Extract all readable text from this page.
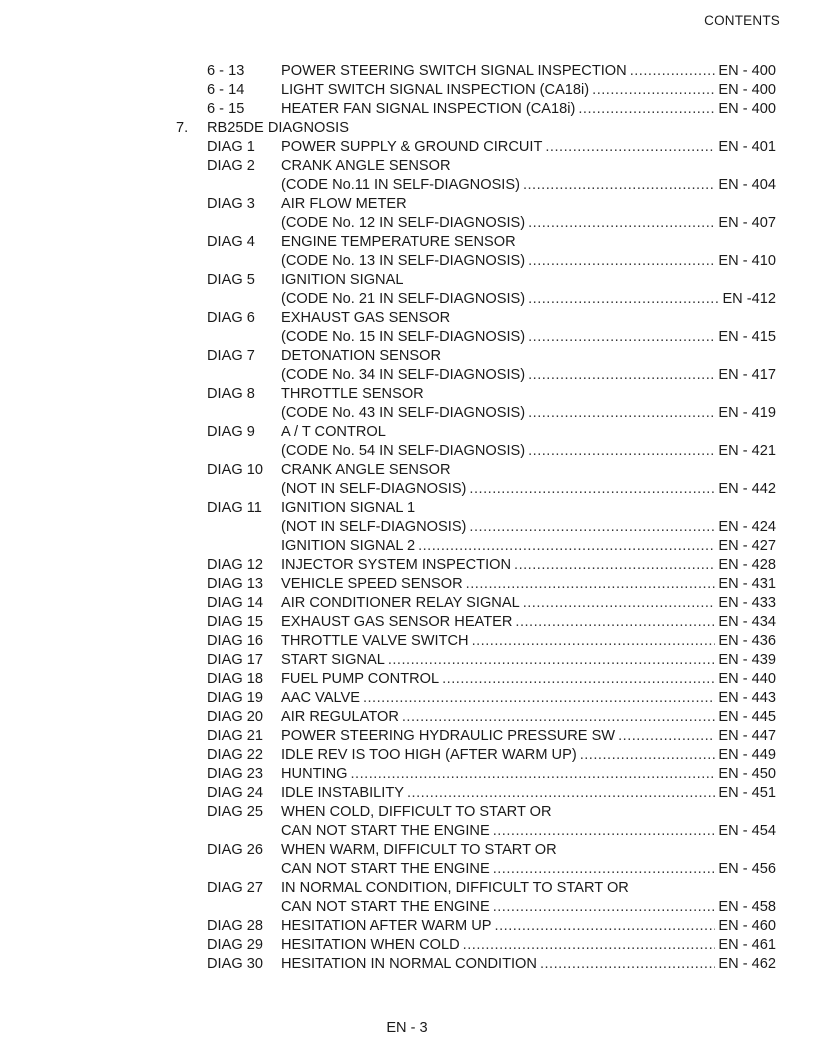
CONTENTS
6 - 13	POWER STEERING SWITCH SIGNAL INSPECTION .....	EN - 400
6 - 14	LIGHT SWITCH SIGNAL INSPECTION (CA18i) .....	EN - 400
6 - 15	HEATER FAN SIGNAL INSPECTION (CA18i) .....	EN - 400
7. RB25DE DIAGNOSIS
DIAG 1 POWER SUPPLY & GROUND CIRCUIT .....	EN - 401
DIAG 2 CRANK ANGLE SENSOR
(CODE No.11 IN SELF-DIAGNOSIS) .....	EN - 404
DIAG 3 AIR FLOW METER
(CODE No. 12 IN SELF-DIAGNOSIS) .....	EN - 407
DIAG 4 ENGINE TEMPERATURE SENSOR
(CODE No. 13 IN SELF-DIAGNOSIS) .....	EN - 410
DIAG 5 IGNITION SIGNAL
(CODE No. 21 IN SELF-DIAGNOSIS) .....	EN -412
DIAG 6 EXHAUST GAS SENSOR
(CODE No. 15 IN SELF-DIAGNOSIS) .....	EN - 415
DIAG 7 DETONATION SENSOR
(CODE No. 34 IN SELF-DIAGNOSIS) .....	EN - 417
DIAG 8 THROTTLE SENSOR
(CODE No. 43 IN SELF-DIAGNOSIS) .....	EN - 419
DIAG 9 A / T CONTROL
(CODE No. 54 IN SELF-DIAGNOSIS) .....	EN - 421
DIAG 10 CRANK ANGLE SENSOR
(NOT IN SELF-DIAGNOSIS) .....	EN - 442
DIAG 11 IGNITION SIGNAL 1
(NOT IN SELF-DIAGNOSIS) .....	EN - 424
IGNITION SIGNAL 2 .....	EN - 427
DIAG 12 INJECTOR SYSTEM INSPECTION .....	EN - 428
DIAG 13 VEHICLE SPEED SENSOR .....	EN - 431
DIAG 14 AIR CONDITIONER RELAY SIGNAL .....	EN - 433
DIAG 15 EXHAUST GAS SENSOR HEATER .....	EN - 434
DIAG 16 THROTTLE VALVE SWITCH .....	EN - 436
DIAG 17 START SIGNAL .....	EN - 439
DIAG 18 FUEL PUMP CONTROL .....	EN - 440
DIAG 19 AAC VALVE .....	EN - 443
DIAG 20 AIR REGULATOR .....	EN - 445
DIAG 21 POWER STEERING HYDRAULIC PRESSURE SW .....	EN - 447
DIAG 22 IDLE REV IS TOO HIGH (AFTER WARM UP) .....	EN - 449
DIAG 23 HUNTING .....	EN - 450
DIAG 24 IDLE INSTABILITY .....	EN - 451
DIAG 25 WHEN COLD, DIFFICULT TO START OR
CAN NOT START THE ENGINE .....	EN - 454
DIAG 26 WHEN WARM, DIFFICULT TO START OR
CAN NOT START THE ENGINE .....	EN - 456
DIAG 27 IN NORMAL CONDITION, DIFFICULT TO START OR
CAN NOT START THE ENGINE .....	EN - 458
DIAG 28 HESITATION AFTER WARM UP .....	EN - 460
DIAG 29 HESITATION WHEN COLD .....	EN - 461
DIAG 30 HESITATION IN NORMAL CONDITION .....	EN - 462
EN - 3
